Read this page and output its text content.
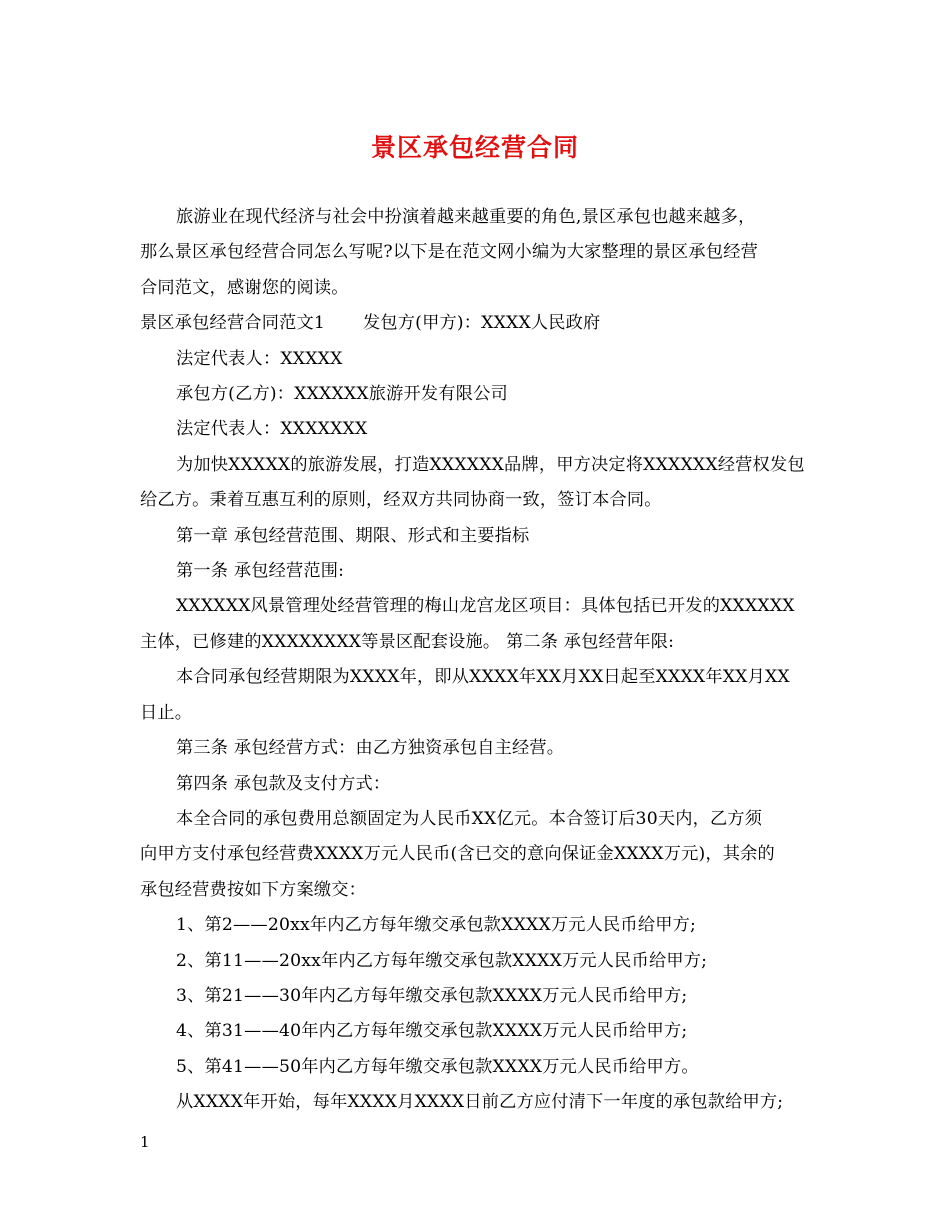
景区承包经营合同

旅游业在现代经济与社会中扮演着越来越重要的角色,景区承包也越来越多，

那么景区承包经营合同怎么写呢?以下是在范文网小编为大家整理的景区承包经营

合同范文，感谢您的阅读。

景区承包经营合同范文1 发包方(甲方)：XXXX人民政府

法定代表人：XXXXX

承包方(乙方)：XXXXXX旅游开发有限公司

法定代表人：XXXXXXX

为加快XXXXX的旅游发展，打造XXXXXX品牌，甲方决定将XXXXXX经营权发包

给乙方。秉着互惠互利的原则，经双方共同协商一致，签订本合同。

第一章 承包经营范围、期限、形式和主要指标

第一条 承包经营范围:

XXXXXX风景管理处经营管理的梅山龙宫龙区项目：具体包括已开发的XXXXXX

主体，已修建的XXXXXXXX等景区配套设施。 第二条 承包经营年限:

本合同承包经营期限为XXXX年，即从XXXX年XX月XX日起至XXXX年XX月XX

日止。

第三条 承包经营方式：由乙方独资承包自主经营。

第四条 承包款及支付方式：

本全合同的承包费用总额固定为人民币XX亿元。本合签订后30天内，乙方须

向甲方支付承包经营费XXXX万元人民币(含已交的意向保证金XXXX万元)，其余的

承包经营费按如下方案缴交：

1、第2——20xx年内乙方每年缴交承包款XXXX万元人民币给甲方;

2、第11——20xx年内乙方每年缴交承包款XXXX万元人民币给甲方;

3、第21——30年内乙方每年缴交承包款XXXX万元人民币给甲方;

4、第31——40年内乙方每年缴交承包款XXXX万元人民币给甲方;

5、第41——50年内乙方每年缴交承包款XXXX万元人民币给甲方。

从XXXX年开始，每年XXXX月XXXX日前乙方应付清下一年度的承包款给甲方;

1
